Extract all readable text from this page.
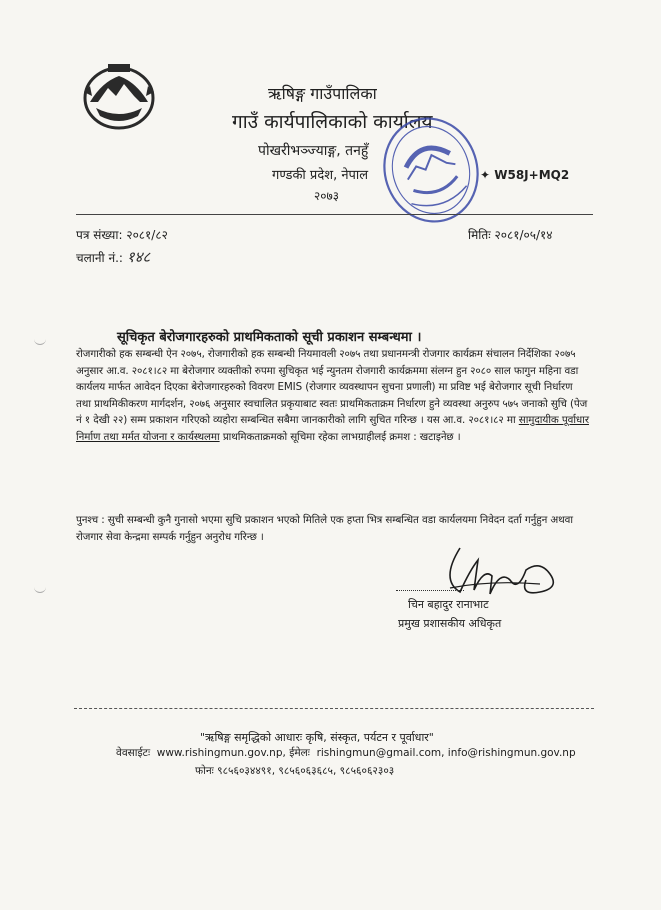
ऋषिङ्ग गाउँपालिका
गाउँ कार्यपालिकाको कार्यालय
पोखरीभञ्ज्याङ्ग, तनहुँ
गण्डकी प्रदेश, नेपाल
२०७३
✦ W58J+MQ2
पत्र संख्या: २०८१/८२	मितिः २०८१/०५/१४
चलानी नं.: १४८
सूचिकृत बेरोजगारहरुको प्राथमिकताको सूची प्रकाशन सम्बन्धमा ।
रोजगारीको हक सम्बन्धी ऐन २०७५, रोजगारीको हक सम्बन्धी नियमावली २०७५ तथा प्रधानमन्त्री रोजगार कार्यक्रम संचालन निर्देशिका २०७५ अनुसार आ.व. २०८१।८२ मा बेरोजगार व्यक्तीको रुपमा सुचिकृत भई न्युनतम रोजगारी कार्यक्रममा संलग्न हुन २०८० साल फागुन महिना वडा कार्यलय मार्फत आवेदन दिएका बेरोजगारहरुको विवरण EMIS (रोजगार व्यवस्थापन सुचना प्रणाली) मा प्रविष्ट भई बेरोजगार सूची निर्धारण तथा प्राथमिकीकरण मार्गदर्शन, २०७६ अनुसार स्वचालित प्रकृयाबाट स्वतः प्राथमिकताक्रम निर्धारण हुने व्यवस्था अनुरुप ५७५ जनाको सुचि (पेज नं १ देखी २२) सम्म प्रकाशन गरिएको व्यहोरा सम्बन्धित सबैमा जानकारीको लागि सुचित गरिन्छ । यस आ.व. २०८१।८२ मा सामुदायीक पूर्वाधार निर्माण तथा मर्मत योजना र कार्यस्थलमा प्राथमिकताक्रमको सूचिमा रहेका लाभग्राहीलई क्रमश : खटाइनेछ ।
पुनश्च : सुची सम्बन्धी कुनै गुनासो भएमा सुचि प्रकाशन भएको मितिले एक हप्ता भित्र सम्बन्धित वडा कार्यलयमा निवेदन दर्ता गर्नुहुन अथवा रोजगार सेवा केन्द्रमा सम्पर्क गर्नुहुन अनुरोध गरिन्छ ।
चिन बहादुर रानाभाट
प्रमुख प्रशासकीय अधिकृत
"ऋषिङ्ग समृद्धिको आधारः कृषि, संस्कृत, पर्यटन र पूर्वाधार"
वेवसाईटः www.rishingmun.gov.np, ईमेलः rishingmun@gmail.com, info@rishingmun.gov.np
फोनः ९८५६०३४४९१, ९८५६०६३६८५, ९८५६०६२३०३
